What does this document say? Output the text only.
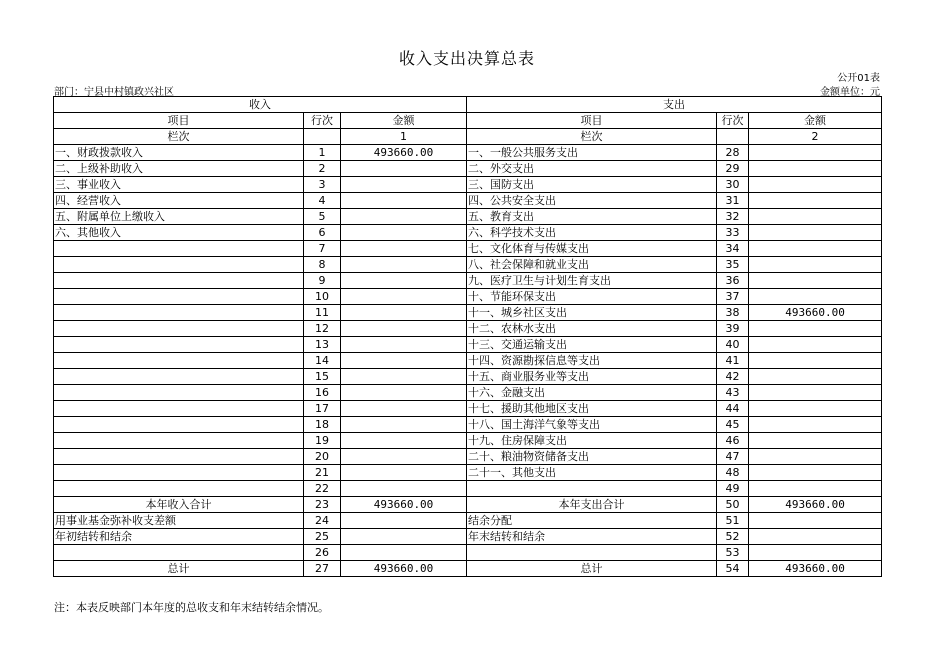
收入支出决算总表
公开01表
部门：宁县中村镇政兴社区	金额单位：元
收入			支出		
项目	行次	金额	项目	行次	金额
栏次		1	栏次		2
一、财政拨款收入	1	493660.00	一、一般公共服务支出	28	
二、上级补助收入	2		二、外交支出	29	
三、事业收入	3		三、国防支出	30	
四、经营收入	4		四、公共安全支出	31	
五、附属单位上缴收入	5		五、教育支出	32	
六、其他收入	6		六、科学技术支出	33	
	7		七、文化体育与传媒支出	34	
	8		八、社会保障和就业支出	35	
	9		九、医疗卫生与计划生育支出	36	
	10		十、节能环保支出	37	
	11		十一、城乡社区支出	38	493660.00
	12		十二、农林水支出	39	
	13		十三、交通运输支出	40	
	14		十四、资源勘探信息等支出	41	
	15		十五、商业服务业等支出	42	
	16		十六、金融支出	43	
	17		十七、援助其他地区支出	44	
	18		十八、国土海洋气象等支出	45	
	19		十九、住房保障支出	46	
	20		二十、粮油物资储备支出	47	
	21		二十一、其他支出	48	
	22			49	
本年收入合计	23	493660.00	本年支出合计	50	493660.00
用事业基金弥补收支差额	24		结余分配	51	
年初结转和结余	25		年末结转和结余	52	
	26			53	
总计	27	493660.00	总计	54	493660.00
注：本表反映部门本年度的总收支和年末结转结余情况。
